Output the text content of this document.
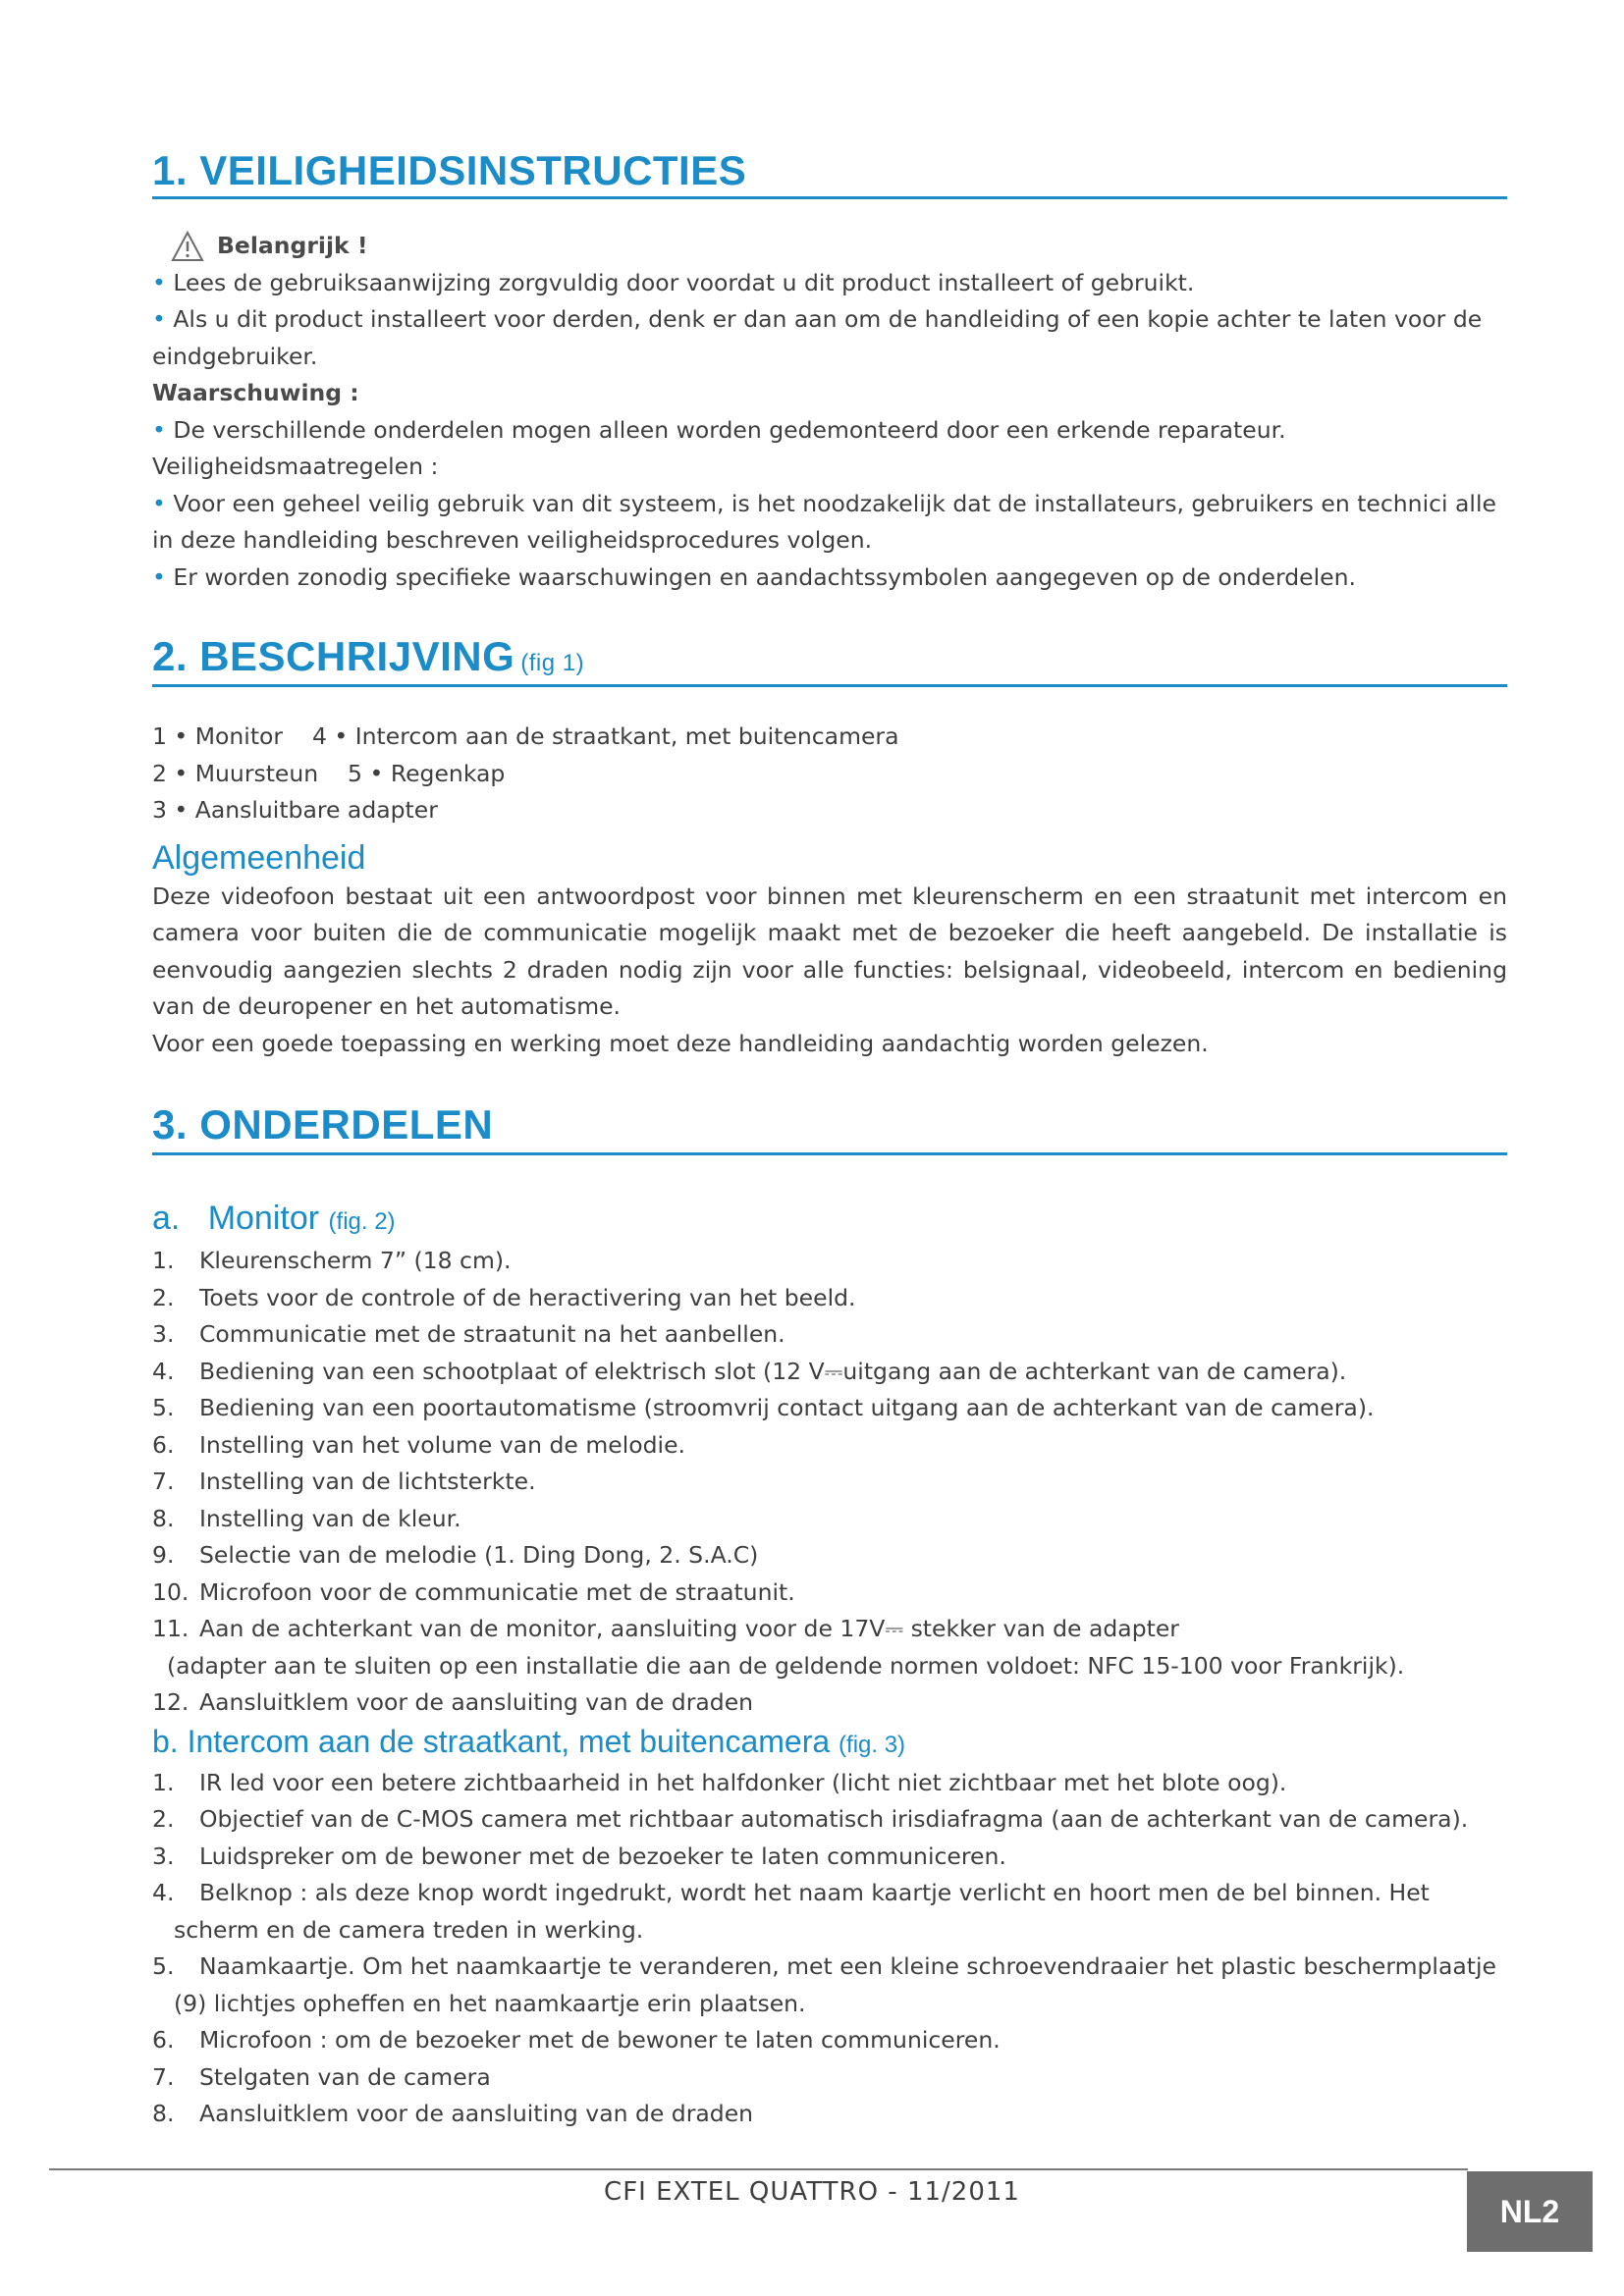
1. VEILIGHEIDSINSTRUCTIES
Belangrijk !

• Lees de gebruiksaanwijzing zorgvuldig door voordat u dit product installeert of gebruikt.

• Als u dit product installeert voor derden, denk er dan aan om de handleiding of een kopie achter te laten voor de eindgebruiker.

Waarschuwing :

• De verschillende onderdelen mogen alleen worden gedemonteerd door een erkende reparateur.

Veiligheidsmaatregelen :

• Voor een geheel veilig gebruik van dit systeem, is het noodzakelijk dat de installateurs, gebruikers en technici alle in deze handleiding beschreven veiligheidsprocedures volgen.

• Er worden zonodig specifieke waarschuwingen en aandachtssymbolen aangegeven op de onderdelen.

2. BESCHRIJVING (fig 1)

1 • Monitor    4 • Intercom aan de straatkant, met buitencamera

2 • Muursteun    5 • Regenkap

3 • Aansluitbare adapter

Algemeenheid

Deze videofoon bestaat uit een antwoordpost voor binnen met kleurenscherm en een straatunit met intercom en camera voor buiten die de communicatie mogelijk maakt met de bezoeker die heeft aangebeld. De installatie is eenvoudig aangezien slechts 2 draden nodig zijn voor alle functies: belsignaal, videobeeld, intercom en bediening van de deuropener en het automatisme.

Voor een goede toepassing en werking moet deze handleiding aandachtig worden gelezen.

3. ONDERDELEN

a. Monitor (fig. 2)

1.	Kleurenscherm 7” (18 cm).
2.	Toets voor de controle of de heractivering van het beeld.
3.	Communicatie met de straatunit na het aanbellen.
4.	Bediening van een schootplaat of elektrisch slot (12 V⎓uitgang aan de achterkant van de camera).
5.	Bediening van een poortautomatisme (stroomvrij contact uitgang aan de achterkant van de camera).
6.	Instelling van het volume van de melodie.
7.	Instelling van de lichtsterkte.
8.	Instelling van de kleur.
9.	Selectie van de melodie (1. Ding Dong, 2. S.A.C)
10. Microfoon voor de communicatie met de straatunit.
11. Aan de achterkant van de monitor, aansluiting voor de 17V⎓ stekker van de adapter

(adapter aan te sluiten op een installatie die aan de geldende normen voldoet: NFC 15-100 voor Frankrijk).

12. Aansluitklem voor de aansluiting van de draden

b. Intercom aan de straatkant, met buitencamera (fig. 3)

1.	IR led voor een betere zichtbaarheid in het halfdonker (licht niet zichtbaar met het blote oog).
2.	Objectief van de C-MOS camera met richtbaar automatisch irisdiafragma (aan de achterkant van de camera).
3.	Luidspreker om de bewoner met de bezoeker te laten communiceren.
4.	Belknop : als deze knop wordt ingedrukt, wordt het naam kaartje verlicht en hoort men de bel binnen. Het

scherm en de camera treden in werking.

5.	Naamkaartje. Om het naamkaartje te veranderen, met een kleine schroevendraaier het plastic beschermplaatje

(9) lichtjes opheffen en het naamkaartje erin plaatsen.

6.	Microfoon : om de bezoeker met de bewoner te laten communiceren.
7.	Stelgaten van de camera
8.	Aansluitklem voor de aansluiting van de draden
CFI EXTEL QUATTRO - 11/2011
NL2
